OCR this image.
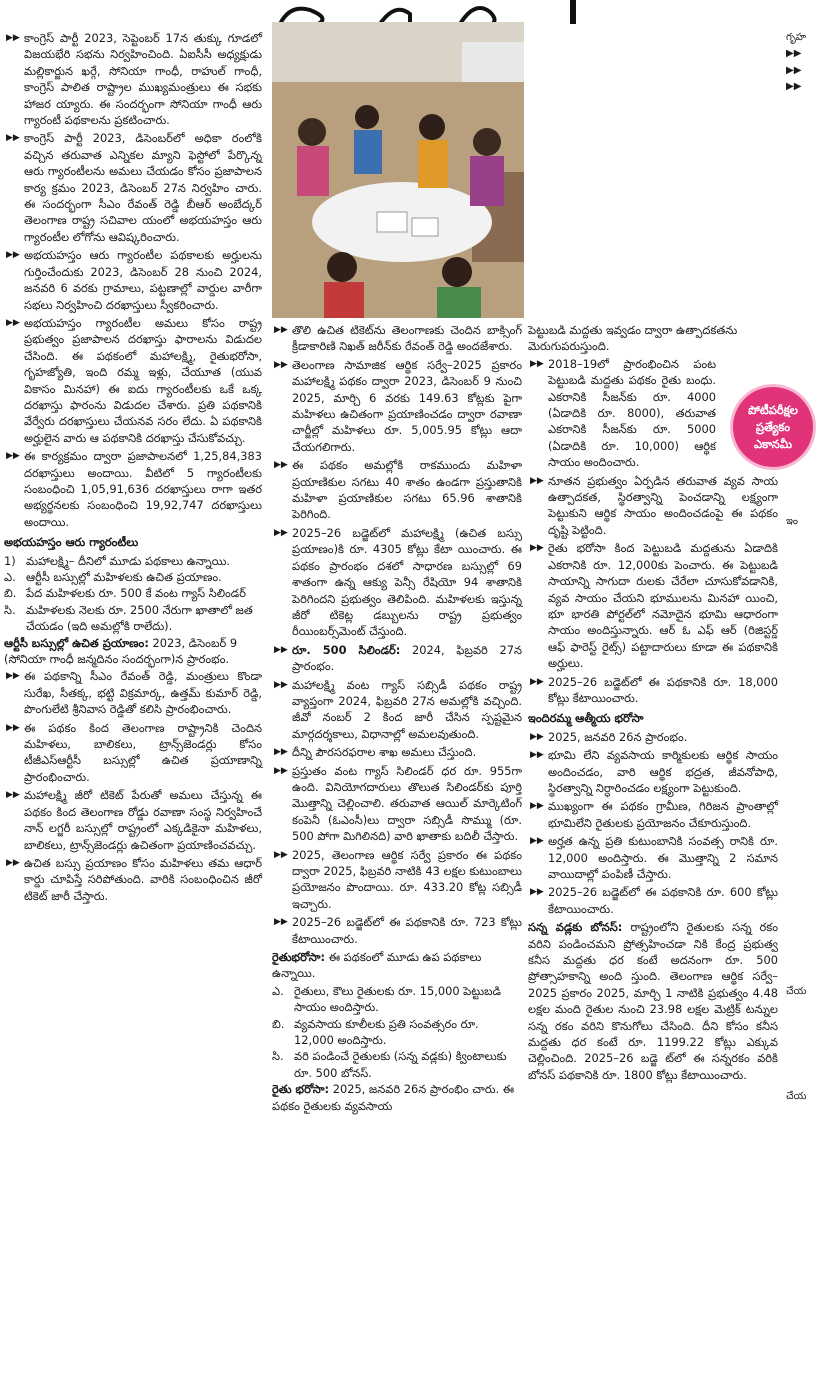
▶▶ కాంగ్రెస్ పార్టీ 2023, సెప్టెంబర్ 17న తుక్కు గూడలో విజయభేరి సభను నిర్వహించింది. ఏఐసీసీ అధ్యక్షుడు మల్లికార్జున ఖర్గే, సోనియా గాంధీ, రాహుల్ గాంధీ, కాంగ్రెస్ పాలిత రాష్ట్రాల ముఖ్యమంత్రులు ఈ సభకు హాజర య్యారు. ఈ సందర్భంగా సోనియా గాంధీ ఆరు గ్యారంటీ పథకాలను ప్రకటించారు.

▶▶ కాంగ్రెస్ పార్టీ 2023, డిసెంబర్‌లో అధికా రంలోకి వచ్చిన తరువాత ఎన్నికల మ్యాని ఫెస్టోలో పేర్కొన్న ఆరు గ్యారంటీలను అమలు చేయడం కోసం ప్రజాపాలన కార్య క్రమం 2023, డిసెంబర్ 27న నిర్వహిం చారు. ఈ సందర్భంగా సీఎం రేవంత్ రెడ్డి బీఆర్ అంబేద్కర్ తెలంగాణ రాష్ట్ర సచివాల యంలో అభయహస్తం ఆరు గ్యారంటీల లోగోను ఆవిష్కరించారు.

▶▶ అభయహస్తం ఆరు గ్యారంటీల పథకాలకు అర్హులను గుర్తించేందుకు 2023, డిసెంబర్ 28 నుంచి 2024, జనవరి 6 వరకు గ్రామాలు, పట్టణాల్లో వార్డుల వారీగా సభలు నిర్వహించి దరఖాస్తులు స్వీకరించారు.

▶▶ అభయహస్తం గ్యారంటీల అమలు కోసం రాష్ట్ర ప్రభుత్వం ప్రజాపాలన దరఖాస్తు ఫారాలను విడుదల చేసింది. ఈ పథకంలో మహాలక్ష్మి, రైతుభరోసా, గృహజ్యోతి, ఇంది రమ్మ ఇళ్లు, చేయూత (యువ వికాసం మినహా) ఈ ఐదు గ్యారంటీలకు ఒకే ఒక్క దరఖాస్తు ఫారంను విడుదల చేశారు. ప్రతి పథకానికి వేర్వేరు దరఖాస్తులు చేయనవ సరం లేదు. ఏ పథకానికి అర్హులైన వారు ఆ పథకానికి దరఖాస్తు చేసుకోవచ్చు.

▶▶ ఈ కార్యక్రమం ద్వారా ప్రజాపాలనలో 1,25,84,383 దరఖాస్తులు అందాయి. వీటిలో 5 గ్యారంటీలకు సంబంధించి 1,05,91,636 దరఖాస్తులు రాగా ఇతర అభ్యర్థనలకు సంబంధించి 19,92,747 దరఖాస్తులు అందాయి.

అభయహస్తం ఆరు గ్యారంటీలు
1) మహాలక్ష్మి– దీనిలో మూడు పథకాలు ఉన్నాయి.
ఎ. ఆర్టీసీ బస్సుల్లో మహిళలకు ఉచిత ప్రయాణం.
బి. పేద మహిళలకు రూ. 500 కే వంట గ్యాస్ సిలిండర్
సి. మహిళలకు నెలకు రూ. 2500 నేరుగా ఖాతాలో జత చేయడం (ఇది అమల్లోకి రాలేదు).

ఆర్టీసీ బస్సుల్లో ఉచిత ప్రయాణం: 2023, డిసెంబర్ 9 (సోనియా గాంధీ జన్మదినం సందర్భంగా)న ప్రారంభం.

▶▶ ఈ పథకాన్ని సీఎం రేవంత్ రెడ్డి, మంత్రులు కొండా సురేఖ, సీతక్క, భట్టి విక్రమార్క, ఉత్తమ్ కుమార్ రెడ్డి, పొంగులేటి శ్రీనివాస రెడ్డితో కలిసి ప్రారంభించారు.

▶▶ ఈ పథకం కింద తెలంగాణ రాష్ట్రానికి చెందిన మహిళలు, బాలికలు, ట్రాన్స్‌జెండర్లు కోసం టీజీఎస్ఆర్టీసీ బస్సుల్లో ఉచిత ప్రయాణాన్ని ప్రారంభించారు.

▶▶ మహాలక్ష్మి జీరో టికెట్ పేరుతో అమలు చేస్తున్న ఈ పథకం కింద తెలంగాణ రోడ్డు రవాణా సంస్థ నిర్వహించే నాన్ లగ్జరీ బస్సుల్లో రాష్ట్రంలో ఎక్కడికైనా మహిళలు, బాలికలు, ట్రాన్స్‌జెండర్లు ఉచితంగా ప్రయాణించవచ్చు.

▶▶ ఉచిత బస్సు ప్రయాణం కోసం మహిళలు తమ ఆధార్ కార్డు చూపిస్తే సరిపోతుంది. వారికి సంబంధించిన జీరో టికెట్ జారీ చేస్తారు.

▶▶ తొలి ఉచిత టికెట్‌ను తెలంగాణకు చెందిన బాక్సింగ్ క్రీడాకారిణి నిఖత్ జరీన్‌కు రేవంత్ రెడ్డి అందజేశారు.

▶▶ తెలంగాణ సామాజిక ఆర్థిక సర్వే–2025 ప్రకారం మహాలక్ష్మి పథకం ద్వారా 2023, డిసెంబర్ 9 నుంచి 2025, మార్చి 6 వరకు 149.63 కోట్లకు పైగా మహిళలు ఉచితంగా ప్రయాణించడం ద్వారా రవాణా చార్జీల్లో మహిళలు రూ. 5,005.95 కోట్లు ఆదా చేయగలిగారు.

▶▶ ఈ పథకం అమల్లోకి రాకముందు మహిళా ప్రయాణికుల సగటు 40 శాతం ఉండగా ప్రస్తుతానికి మహిళా ప్రయాణికుల సగటు 65.96 శాతానికి పెరిగింది.

▶▶ 2025–26 బడ్జెట్‌లో మహాలక్ష్మి (ఉచిత బస్సు ప్రయాణం)కి రూ. 4305 కోట్లు కేటా యించారు. ఈ పథకం ప్రారంభం దశలో సాధారణ బస్సుల్లో 69 శాతంగా ఉన్న ఆక్యు పెన్సీ రేషియో 94 శాతానికి పెరిగిందని ప్రభుత్వం తెలిపింది. మహిళలకు ఇస్తున్న జీరో టికెట్ల డబ్బులను రాష్ట్ర ప్రభుత్వం రీయింబర్స్‌మెంట్ చేస్తుంది.

▶▶ రూ. 500 సిలిండర్: 2024, ఫిబ్రవరి 27న ప్రారంభం.

▶▶ మహాలక్ష్మి వంట గ్యాస్ సబ్సిడీ పథకం రాష్ట్ర వ్యాప్తంగా 2024, ఫిబ్రవరి 27న అమల్లోకి వచ్చింది. జీవో నంబర్ 2 కింద జారీ చేసిన స్పష్టమైన మార్గదర్శకాలు, విధానాల్లో అమలవుతుంది.

▶▶ దీన్ని పౌరసరఫరాల శాఖ అమలు చేస్తుంది.

▶▶ ప్రస్తుతం వంట గ్యాస్ సిలిండర్ ధర రూ. 955గా ఉంది. వినియోగదారులు తొలుత సిలిండర్‌కు పూర్తి మొత్తాన్ని చెల్లించాలి. తరువాత ఆయిల్ మార్కెటింగ్ కంపెనీ (ఓఎంసీ)లు ద్వారా సబ్సిడీ సొమ్ము (రూ. 500 పోగా మిగిలినది) వారి ఖాతాకు బదిలీ చేస్తారు.

▶▶ 2025, తెలంగాణ ఆర్థిక సర్వే ప్రకారం ఈ పథకం ద్వారా 2025, ఫిబ్రవరి నాటికి 43 లక్షల కుటుంబాలు ప్రయోజనం పొందాయి. రూ. 433.20 కోట్ల సబ్సిడీ ఇచ్చారు.

▶▶ 2025–26 బడ్జెట్‌లో ఈ పథకానికి రూ. 723 కోట్లు కేటాయించారు.

రైతుభరోసా: ఈ పథకంలో మూడు ఉప పథకాలు ఉన్నాయి.

ఎ. రైతులు, కౌలు రైతులకు రూ. 15,000 పెట్టుబడి సాయం అందిస్తారు.
బి. వ్యవసాయ కూలీలకు ప్రతి సంవత్సరం రూ. 12,000 అందిస్తారు.
సి. వరి పండించే రైతులకు (సన్న వడ్లకు) క్వింటాలుకు రూ. 500 బోనస్.

రైతు భరోసా: 2025, జనవరి 26న ప్రారంభిం చారు. ఈ పథకం రైతులకు వ్యవసాయ

పెట్టుబడి మద్దతు ఇవ్వడం ద్వారా ఉత్పాదకతను మెరుగుపరుస్తుంది.

▶▶ 2018–19లో ప్రారంభించిన పంట పెట్టుబడి మద్దతు పథకం రైతు బంధు. ఎకరానికి సీజన్‌కు రూ. 4000 (ఏడాదికి రూ. 8000), తరువాత ఎకరానికి సీజన్‌కు రూ. 5000 (ఏడాదికి రూ. 10,000) ఆర్థిక సాయం అందించారు.

▶▶ నూతన ప్రభుత్వం ఏర్పడిన తరువాత వ్యవ సాయ ఉత్పాదకత, స్థిరత్వాన్ని పెంచడాన్ని లక్ష్యంగా పెట్టుకుని ఆర్థిక సాయం అందించడంపై ఈ పథకం దృష్టి పెట్టింది.

▶▶ రైతు భరోసా కింద పెట్టుబడి మద్దతును ఏడాదికి ఎకరానికి రూ. 12,000కు పెంచారు. ఈ పెట్టుబడి సాయాన్ని సాగుదా రులకు చేరేలా చూసుకోవడానికి, వ్యవ సాయం చేయని భూములను మినహా యించి, భూ భారతి పోర్టల్‌లో నమోదైన భూమి ఆధారంగా సాయం అందిస్తున్నారు. ఆర్ ఓ ఎఫ్ ఆర్ (రిజిస్టర్డ్ ఆఫ్ ఫారెస్ట్ రైట్స్) పట్టాదారులు కూడా ఈ పథకానికి అర్హులు.

▶▶ 2025–26 బడ్జెట్‌లో ఈ పథకానికి రూ. 18,000 కోట్లు కేటాయించారు.

ఇందిరమ్మ ఆత్మీయ భరోసా

▶▶ 2025, జనవరి 26న ప్రారంభం.

▶▶ భూమి లేని వ్యవసాయ కార్మికులకు ఆర్థిక సాయం అందించడం, వారి ఆర్థిక భద్రత, జీవనోపాధి, స్థిరత్వాన్ని నిర్ధారించడం లక్ష్యంగా పెట్టుకుంది.

▶▶ ముఖ్యంగా ఈ పథకం గ్రామీణ, గిరిజన ప్రాంతాల్లో భూమిలేని రైతులకు ప్రయోజనం చేకూరుస్తుంది.

▶▶ అర్హత ఉన్న ప్రతి కుటుంబానికి సంవత్స రానికి రూ. 12,000 అందిస్తారు. ఈ మొత్తాన్ని 2 సమాన వాయిదాల్లో పంపిణీ చేస్తారు.

▶▶ 2025–26 బడ్జెట్‌లో ఈ పథకానికి రూ. 600 కోట్లు కేటాయించారు.

సన్న వడ్లకు బోనస్: రాష్ట్రంలోని రైతులకు సన్న రకం వరిని పండించమని ప్రోత్సహించడా నికి కేంద్ర ప్రభుత్వ కనీస మద్దతు ధర కంటే అదనంగా రూ. 500 ప్రోత్సాహకాన్ని అంది స్తుంది. తెలంగాణ ఆర్థిక సర్వే– 2025 ప్రకారం 2025, మార్చి 1 నాటికి ప్రభుత్వం 4.48 లక్షల మంది రైతుల నుంచి 23.98 లక్షల మెట్రిక్ టన్నుల సన్న రకం వరిని కొనుగోలు చేసింది. దీని కోసం కనీస మద్దతు ధర కంటే రూ. 1199.22 కోట్లు ఎక్కువ చెల్లించింది. 2025–26 బడ్జె ట్‌లో ఈ సన్నరకం వరికి బోనస్ పథకానికి రూ. 1800 కోట్లు కేటాయించారు.

గృహ
▶▶
▶▶
▶▶
ఇం
చేయ
చేయ
పోటీపరీక్షల
ప్రత్యేకం
ఎకానమీ
